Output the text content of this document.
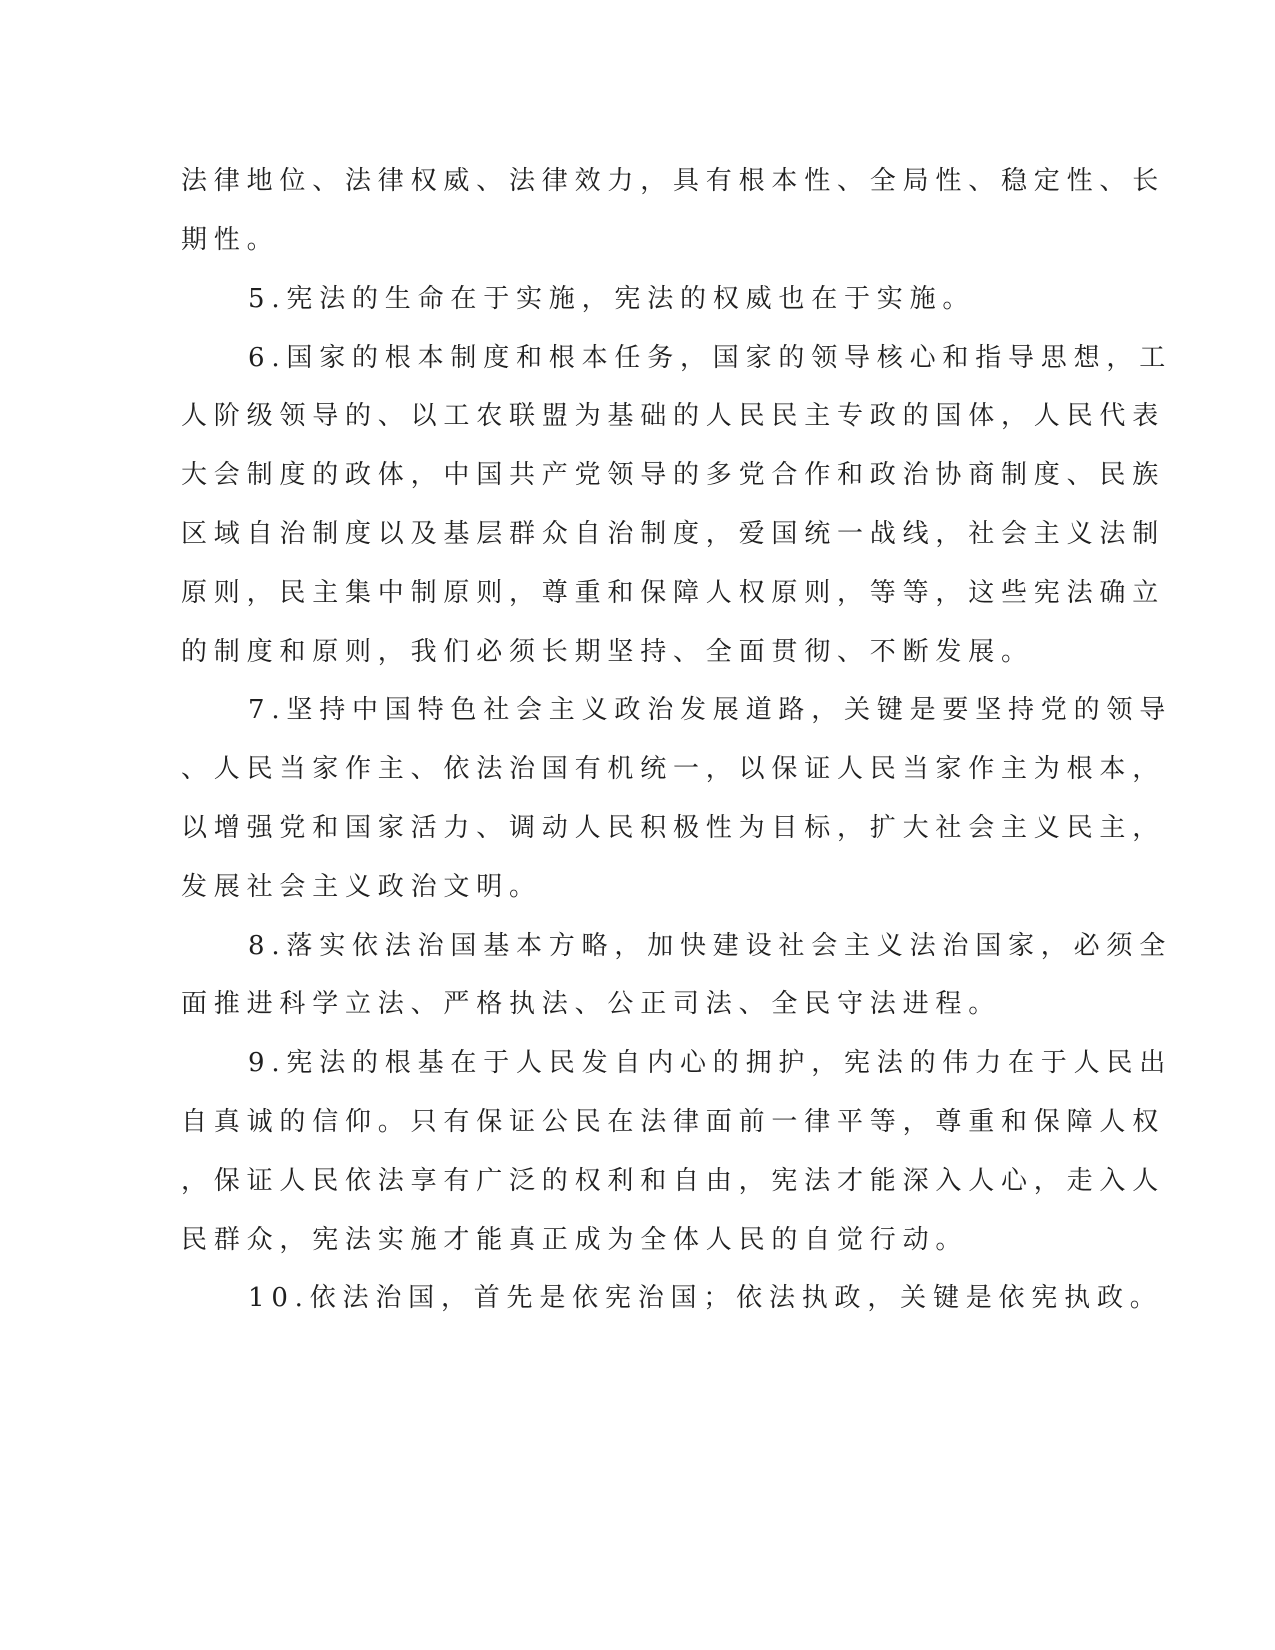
法律地位、法律权威、法律效力，具有根本性、全局性、稳定性、长

期性。

5.宪法的生命在于实施，宪法的权威也在于实施。

6.国家的根本制度和根本任务，国家的领导核心和指导思想，工

人阶级领导的、以工农联盟为基础的人民民主专政的国体，人民代表

大会制度的政体，中国共产党领导的多党合作和政治协商制度、民族

区域自治制度以及基层群众自治制度，爱国统一战线，社会主义法制

原则，民主集中制原则，尊重和保障人权原则，等等，这些宪法确立

的制度和原则，我们必须长期坚持、全面贯彻、不断发展。

7.坚持中国特色社会主义政治发展道路，关键是要坚持党的领导

、人民当家作主、依法治国有机统一，以保证人民当家作主为根本，

以增强党和国家活力、调动人民积极性为目标，扩大社会主义民主，

发展社会主义政治文明。

8.落实依法治国基本方略，加快建设社会主义法治国家，必须全

面推进科学立法、严格执法、公正司法、全民守法进程。

9.宪法的根基在于人民发自内心的拥护，宪法的伟力在于人民出

自真诚的信仰。只有保证公民在法律面前一律平等，尊重和保障人权

，保证人民依法享有广泛的权利和自由，宪法才能深入人心，走入人

民群众，宪法实施才能真正成为全体人民的自觉行动。

10.依法治国，首先是依宪治国；依法执政，关键是依宪执政。
